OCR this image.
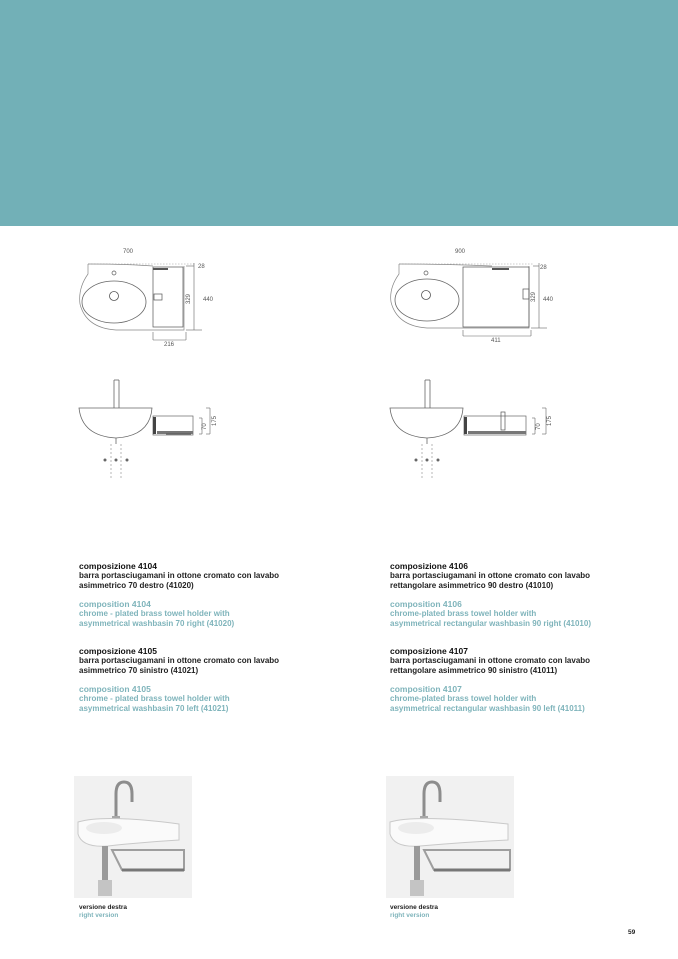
700
28
440
329
216
70
175
900
28
440
329
411
70
175
composizione 4104
barra portasciugamani in ottone cromato con lavabo
asimmetrico 70 destro (41020)
composition 4104
chrome - plated brass towel holder with
asymmetrical washbasin 70 right (41020)
composizione 4105
barra portasciugamani in ottone cromato con lavabo
asimmetrico 70 sinistro (41021)
composition 4105
chrome - plated brass towel holder with
asymmetrical washbasin 70 left (41021)
composizione 4106
barra portasciugamani in ottone cromato con lavabo
rettangolare asimmetrico 90 destro (41010)
composition 4106
chrome-plated brass towel holder with
asymmetrical rectangular washbasin 90 right (41010)
composizione 4107
barra portasciugamani in ottone cromato con lavabo
rettangolare asimmetrico 90 sinistro (41011)
composition 4107
chrome-plated brass towel holder with
asymmetrical rectangular washbasin 90 left (41011)
versione destra
right version
versione destra
right version
59
